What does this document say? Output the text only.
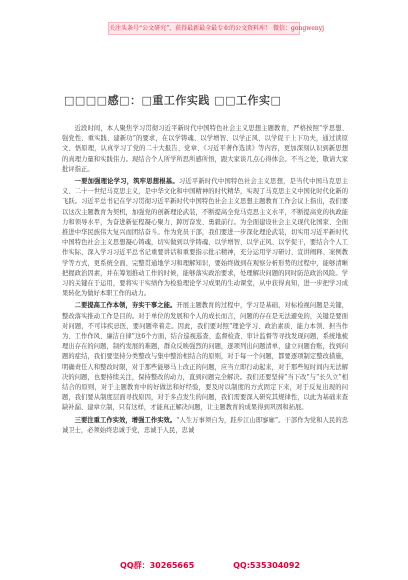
关注头条号“公文研究”，获得最新最全最专业的公文资料库！ 微信：gongwenyj
□□□□感□：□重工作实践 □□工作实□

近段时间，本人聚焦学习贯彻习近平新时代中国特色社会主义思想主题教育，严格按照“学思想、强党性、重实践、建新功”的要求，在以学铸魂、以学增智、以学正风、以学促干上下功夫，通过读原文、悟原理，认真学习了党的二十大报告、党章、《习近平著作选读》等内容，更加深刻认识到新思想的真理力量和实践伟力。现结合个人所学所思所感所悟，跟大家谈几点心得体会。不当之处，敬请大家批评指正。

一要加强理论学习，筑牢思想根基。习近平新时代中国特色社会主义思想，是当代中国马克思主义、二十一世纪马克思主义，是中华文化和中国精神的时代精华，实现了马克思主义中国化时代化新的飞跃。习近平总书记在学习贯彻习近平新时代中国特色社会主义思想主题教育工作会议上指出，我们要以这次主题教育为契机，加强党的创新理论武装，不断提高全党马克思主义水平，不断提高党的执政能力和领导水平，为奋进新征程凝心聚力、踔厉奋发、勇毅前行。为全面建设社会主义现代化国家、全面推进中华民族伟大复兴而团结奋斗。作为党员干部，我们要进一步深化理论武装，切实用习近平新时代中国特色社会主义思想凝心铸魂，切实做到以学铸魂、以学增智、以学正风、以学促干，要结合个人工作实际，深入学习习近平总书记重要讲话和重要指示批示精神，充分运用学习研讨、宣讲阐释、案例教学等方式，更系统全面、完整贯通地学习和理解知识，要始终做到在观察分析形势的过程中，能够清晰把握政治因素，并在筹划推动工作的时候，能够落实政治要求，处理解决问题的同时防范政治风险。学习的关键在于运用，要将实干实绩作为检验理论学习成果的生动课堂，从中获得真知，进一步把学习成果转化为做好本职工作的动力。

二要提高工作本领，夯实干事之能。开展主题教育的过程中，学习是基础，对标检视问题是关键，整改落实推动工作是目的。对于单位的发展和个人的成长而言，问题的存在是无法避免的，关键是要面对问题，不可讳疾忌医，要问题牵着走。因此，我们要对照“理论学习、政治素质、能力本领、担当作为、工作作风、廉洁自律”这6个方面，结合巡视巡查、监督检查、审计监督等寻找发现问题，系统地梳理出存在的问题，制约发展的难题，群众反映强烈的问题，逐项列出问题清单，建立问题台账，找到问题的症结，我们要坚持分类整改与集中整治相结合的原则，对于每一个问题，都要逐项制定整改措施，明确责任人和整改时限，对于那些能够马上改正的问题，应当立即行动起来，对于那些短时间内无法解决的问题，也要持续关注，保持整改的动力，直到问题完全解决。我们还要坚持“当下改”与“长久立”相结合的原则，对于主题教育中的好做法和好经验，要及时以制度的方式固定下来，对于反复出现的问题，我们要从制度层面寻找原因，对于多点发生的问题，我们需要深入研究其规律性，以此为基础来查缺补漏、建章立制，只有这样，才能真正解决问题，让主题教育的成果得到巩固和拓展。

三要注重工作实效，增强工作实效。“人生万事须自为，跬步江山即寥廓”。干部作为党和人民的忠诚卫士，必须始终忠诚于党，忠诚于人民，忠诚

QQ群：30265665	QQ:535304092
